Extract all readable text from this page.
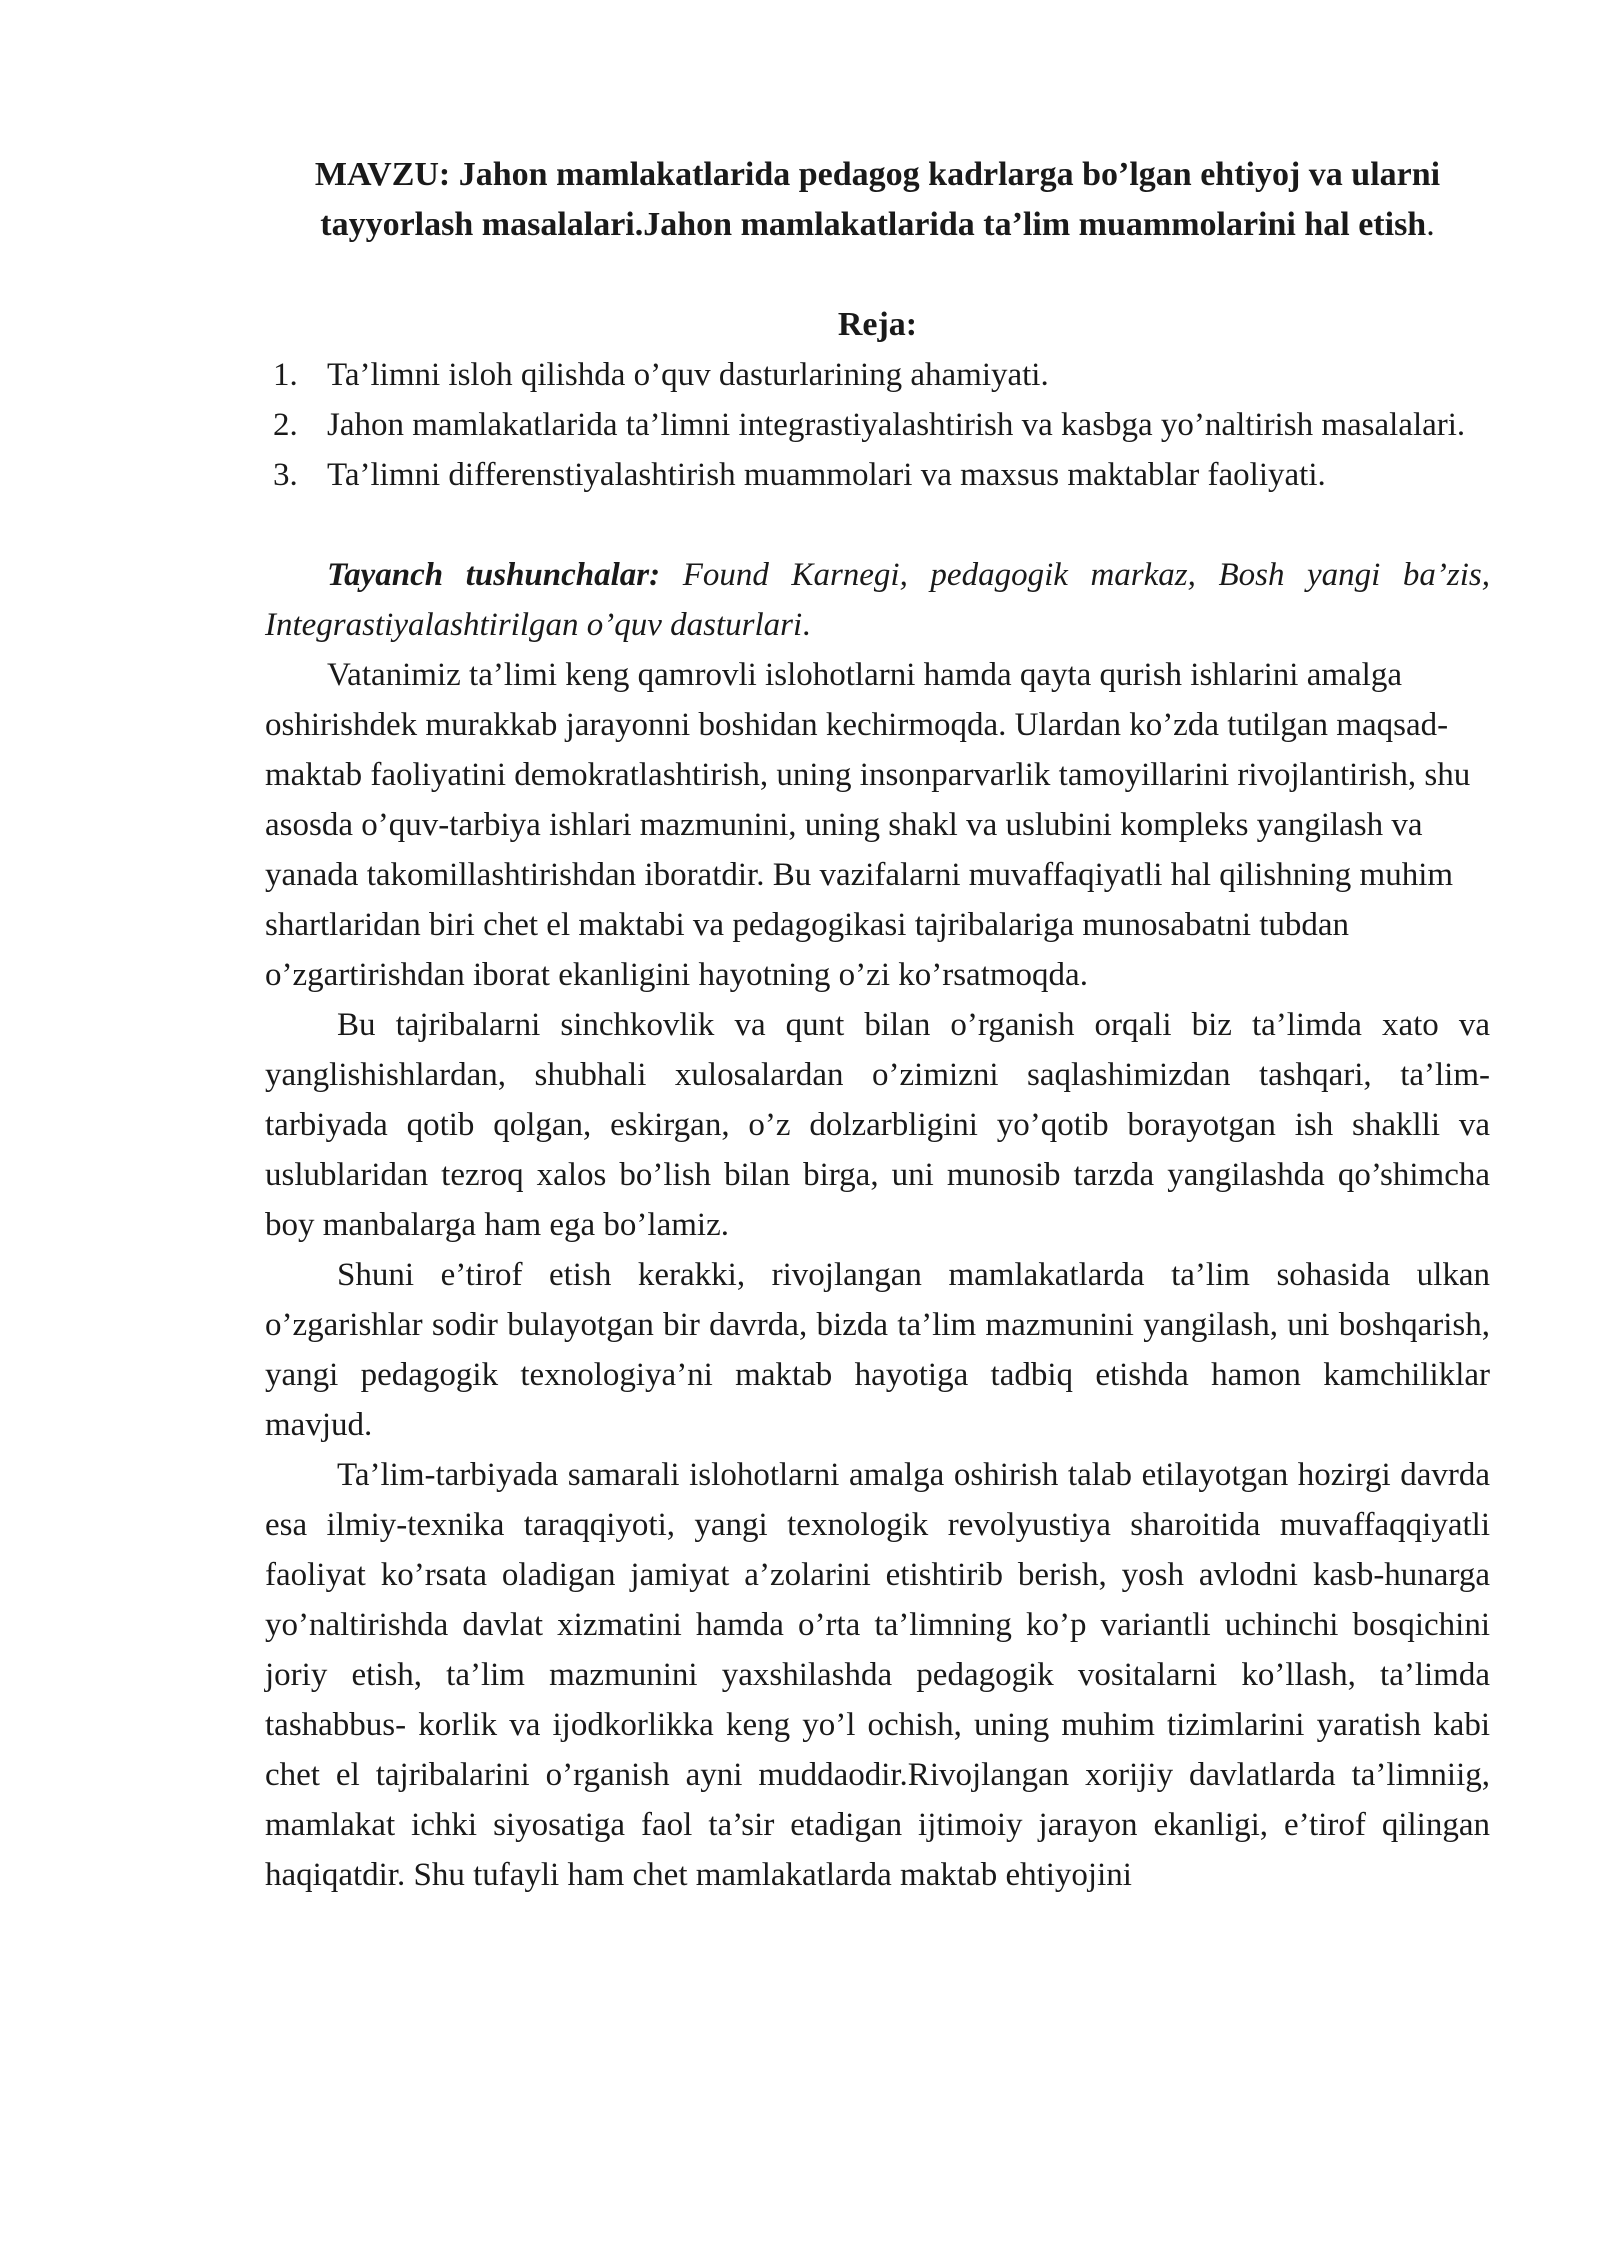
MAVZU: Jahon mamlakatlarida pedagog kadrlarga bo’lgan ehtiyoj va ularni tayyorlash masalalari.Jahon mamlakatlarida ta’lim muammolarini hal etish.
Reja:
1. Ta’limni isloh qilishda o’quv dasturlarining ahamiyati.
2. Jahon mamlakatlarida ta’limni integrastiyalashtirish va kasbga yo’naltirish masalalari.
3. Ta’limni differenstiyalashtirish muammolari va maxsus maktablar faoliyati.
Tayanch tushunchalar: Found Karnegi, pedagogik markaz, Bosh yangi ba’zis, Integrastiyalashtirilgan o’quv dasturlari.

Vatanimiz ta’limi keng qamrovli islohotlarni hamda qayta qurish ishlarini amalga oshirishdek murakkab jarayonni boshidan kechirmoqda. Ulardan ko’zda tutilgan maqsad- maktab faoliyatini demokratlashtirish, uning insonparvarlik tamoyillarini rivojlantirish, shu asosda o’quv-tarbiya ishlari mazmunini, uning shakl va uslubini kompleks yangilash va yanada takomillashtirishdan iboratdir. Bu vazifalarni muvaffaqiyatli hal qilishning muhim shartlaridan biri chet el maktabi va pedagogikasi tajribalariga munosabatni tubdan o’zgartirishdan iborat ekanligini hayotning o’zi ko’rsatmoqda.

Bu tajribalarni sinchkovlik va qunt bilan o’rganish orqali biz ta’limda xato va yanglishishlardan, shubhali xulosalardan o’zimizni saqlashimizdan tashqari, ta’lim-tarbiyada qotib qolgan, eskirgan, o’z dolzarbligini yo’qotib borayotgan ish shaklli va uslublaridan tezroq xalos bo’lish bilan birga, uni munosib tarzda yangilashda qo’shimcha boy manbalarga ham ega bo’lamiz.

Shuni e’tirof etish kerakki, rivojlangan mamlakatlarda ta’lim sohasida ulkan o’zgarishlar sodir bulayotgan bir davrda, bizda ta’lim mazmunini yangilash, uni boshqarish, yangi pedagogik texnologiya’ni maktab hayotiga tadbiq etishda hamon kamchiliklar mavjud.

Ta’lim-tarbiyada samarali islohotlarni amalga oshirish talab etilayotgan hozirgi davrda esa ilmiy-texnika taraqqiyoti, yangi texnologik revolyustiya sharoitida muvaffaqqiyatli faoliyat ko’rsata oladigan jamiyat a’zolarini etishtirib berish, yosh avlodni kasb-hunarga yo’naltirishda davlat xizmatini hamda o’rta ta’limning ko’p variantli uchinchi bosqichini joriy etish, ta’lim mazmunini yaxshilashda pedagogik vositalarni ko’llash, ta’limda tashabbus- korlik va ijodkorlikka keng yo’l ochish, uning muhim tizimlarini yaratish kabi chet el tajribalarini o’rganish ayni muddaodir.Rivojlangan xorijiy davlatlarda ta’limniig, mamlakat ichki siyosatiga faol ta’sir etadigan ijtimoiy jarayon ekanligi, e’tirof qilingan haqiqatdir. Shu tufayli ham chet mamlakatlarda maktab ehtiyojini
